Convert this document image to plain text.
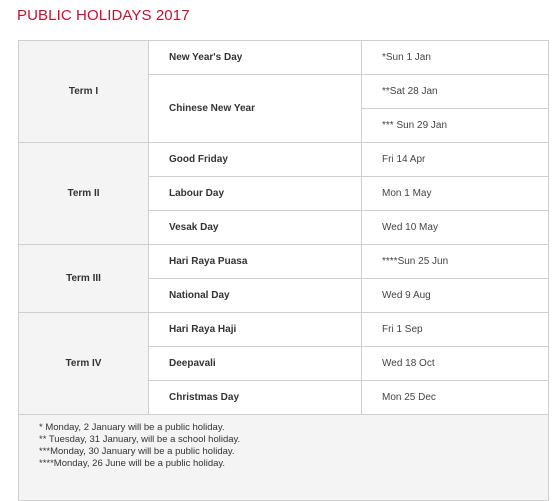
PUBLIC HOLIDAYS 2017
Term I	New Year's Day	*Sun 1 Jan
	Chinese New Year	**Sat 28 Jan
		*** Sun 29 Jan
Term II	Good Friday	Fri 14 Apr
	Labour Day	Mon 1 May
	Vesak Day	Wed 10 May
Term III	Hari Raya Puasa	****Sun 25 Jun
	National Day	Wed 9 Aug
Term IV	Hari Raya Haji	Fri 1 Sep
	Deepavali	Wed 18 Oct
	Christmas Day	Mon 25 Dec

* Monday, 2 January will be a public holiday.
** Tuesday, 31 January, will be a school holiday.
***Monday, 30 January will be a public holiday.
****Monday, 26 June will be a public holiday.		
